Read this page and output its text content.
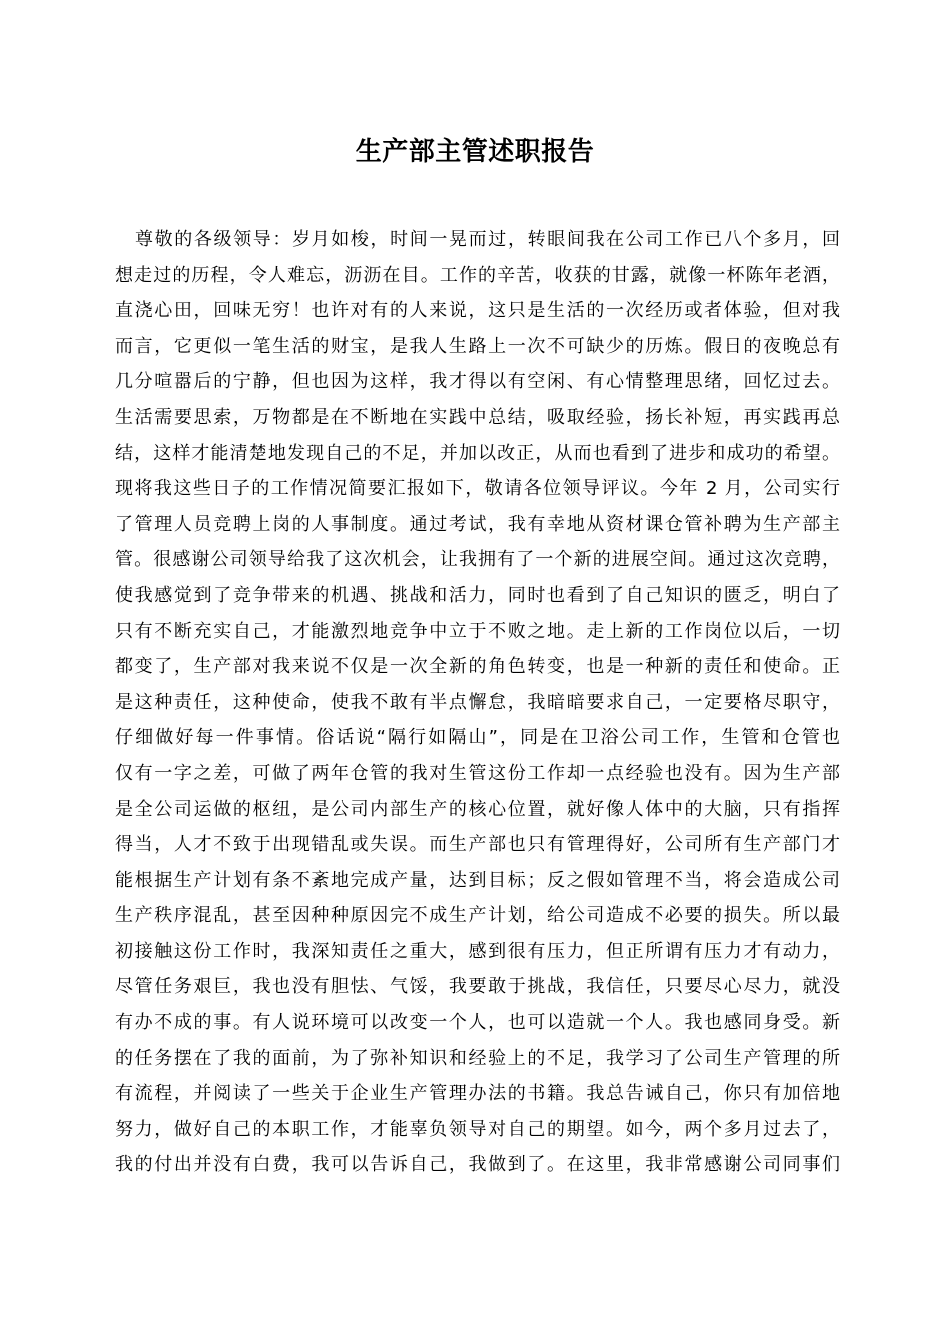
生产部主管述职报告
尊敬的各级领导：岁月如梭，时间一晃而过，转眼间我在公司工作已八个多月，回
想走过的历程，令人难忘，沥沥在目。工作的辛苦，收获的甘露，就像一杯陈年老酒，
直浇心田，回味无穷！也许对有的人来说，这只是生活的一次经历或者体验，但对我
而言，它更似一笔生活的财宝，是我人生路上一次不可缺少的历炼。假日的夜晚总有
几分喧嚣后的宁静，但也因为这样，我才得以有空闲、有心情整理思绪，回忆过去。
生活需要思索，万物都是在不断地在实践中总结，吸取经验，扬长补短，再实践再总
结，这样才能清楚地发现自己的不足，并加以改正，从而也看到了进步和成功的希望。
现将我这些日子的工作情况简要汇报如下，敬请各位领导评议。今年 2 月，公司实行
了管理人员竞聘上岗的人事制度。通过考试，我有幸地从资材课仓管补聘为生产部主
管。很感谢公司领导给我了这次机会，让我拥有了一个新的进展空间。通过这次竞聘，
使我感觉到了竞争带来的机遇、挑战和活力，同时也看到了自己知识的匮乏，明白了
只有不断充实自己，才能激烈地竞争中立于不败之地。走上新的工作岗位以后，一切
都变了，生产部对我来说不仅是一次全新的角色转变，也是一种新的责任和使命。正
是这种责任，这种使命，使我不敢有半点懈怠，我暗暗要求自己，一定要格尽职守，
仔细做好每一件事情。俗话说“隔行如隔山”，同是在卫浴公司工作，生管和仓管也
仅有一字之差，可做了两年仓管的我对生管这份工作却一点经验也没有。因为生产部
是全公司运做的枢纽，是公司内部生产的核心位置，就好像人体中的大脑，只有指挥
得当，人才不致于出现错乱或失误。而生产部也只有管理得好，公司所有生产部门才
能根据生产计划有条不紊地完成产量，达到目标；反之假如管理不当，将会造成公司
生产秩序混乱，甚至因种种原因完不成生产计划，给公司造成不必要的损失。所以最
初接触这份工作时，我深知责任之重大，感到很有压力，但正所谓有压力才有动力，
尽管任务艰巨，我也没有胆怯、气馁，我要敢于挑战，我信任，只要尽心尽力，就没
有办不成的事。有人说环境可以改变一个人，也可以造就一个人。我也感同身受。新
的任务摆在了我的面前，为了弥补知识和经验上的不足，我学习了公司生产管理的所
有流程，并阅读了一些关于企业生产管理办法的书籍。我总告诫自己，你只有加倍地
努力，做好自己的本职工作，才能辜负领导对自己的期望。如今，两个多月过去了，
我的付出并没有白费，我可以告诉自己，我做到了。在这里，我非常感谢公司同事们
